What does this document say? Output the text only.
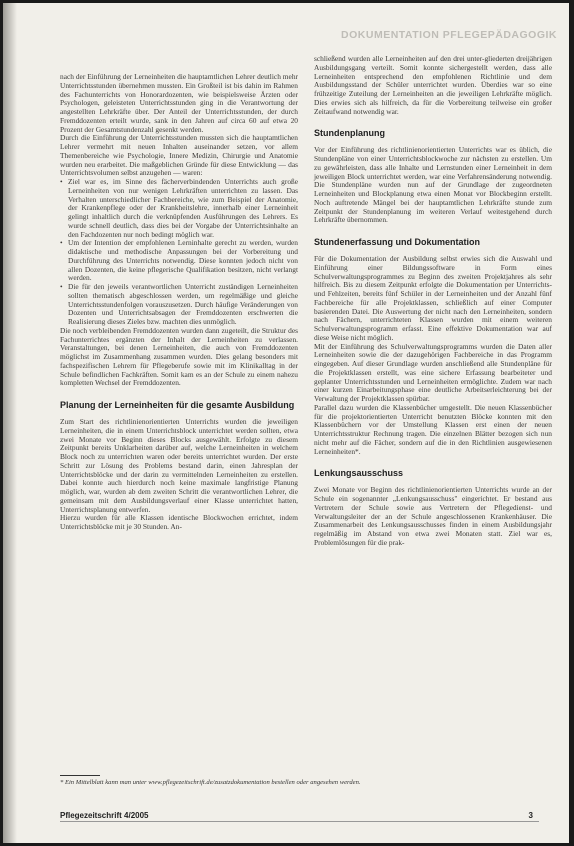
DOKUMENTATION PFLEGEPÄDAGOGIK

nach der Einführung der Lerneinheiten die hauptamtlichen Lehrer deutlich mehr Unterrichtsstunden übernehmen mussten. Ein Großteil ist bis dahin im Rahmen des Fachunterrichts von Honorardozenten, wie beispielsweise Ärzten oder Psychologen, geleisteten Unterrichtsstunden ging in die Verantwortung der angestellten Lehrkräfte über. Der Anteil der Unterrichtsstunden, der durch Fremddozenten erteilt wurde, sank in den Jahren auf circa 60 auf etwa 20 Prozent der Gesamtstundenzahl gesenkt werden.

Durch die Einführung der Unterrichtsstunden mussten sich die hauptamtlichen Lehrer vermehrt mit neuen Inhalten auseinander setzen, vor allem Themenbereiche wie Psychologie, Innere Medizin, Chirurgie und Anatomie wurden neu erarbeitet. Die maßgeblichen Gründe für diese Entwicklung — das Unterrichtsvolumen selbst anzugehen — waren:

• Ziel war es, im Sinne des fächerverbindenden Unterrichts auch große Lerneinheiten von nur wenigen Lehrkräften unterrichten zu lassen. Das Verhalten unterschiedlicher Fachbereiche, wie zum Beispiel der Anatomie, der Krankenpflege oder der Krankheitslehre, innerhalb einer Lerneinheit gelingt inhaltlich durch die verknüpfenden Ausführungen des Lehrers. Es wurde schnell deutlich, dass dies bei der Vorgabe der Unterrichtsinhalte an den Fachdozenten nur noch bedingt möglich war.
• Um der Intention der empfohlenen Lerninhalte gerecht zu werden, wurden didaktische und methodische Anpassungen bei der Vorbereitung und Durchführung des Unterrichts notwendig. Diese konnten jedoch nicht von allen Dozenten, die keine pflegerische Qualifikation besitzen, nicht verlangt werden.
• Die für den jeweils verantwortlichen Unterricht zuständigen Lerneinheiten sollten thematisch abgeschlossen werden, um regelmäßige und gleiche Unterrichtsstundenfolgen vorauszusetzen. Durch häufige Veränderungen von Dozenten und Unterrichtsabsagen der Fremddozenten erschwerten die Realisierung dieses Zieles bzw. machten dies unmöglich.

Die noch verbleibenden Fremddozenten wurden dann zugeteilt, die Struktur des Fachunterrichtes ergänzten der Inhalt der Lerneinheiten zu verlassen. Veranstaltungen, bei denen Lerneinheiten, die auch von Fremddozenten möglichst im Zusammenhang zusammen wurden. Dies gelang besonders mit fachspezifischen Lehrern für Pflegeberufe sowie mit im Klinikalltag in der Schule befindlichen Fachkräften. Somit kam es an der Schule zu einem nahezu kompletten Wechsel der Fremddozenten.

Planung der Lerneinheiten für die gesamte Ausbildung

Zum Start des richtlinienorientierten Unterrichts wurden die jeweiligen Lerneinheiten, die in einem Unterrichtsblock unterrichtet werden sollten, etwa zwei Monate vor Beginn dieses Blocks ausgewählt. Erfolgte zu diesem Zeitpunkt bereits Unklarheiten darüber auf, welche Lerneinheiten in welchem Block noch zu unterrichten waren oder bereits unterrichtet wurden. Der erste Schritt zur Lösung des Problems bestand darin, einen Jahresplan der Unterrichtsblöcke und der darin zu vermittelnden Lerneinheiten zu erstellen. Dabei konnte auch hierdurch noch keine maximale langfristige Planung möglich, war, wurden ab dem zweiten Schritt die verantwortlichen Lehrer, die gemeinsam mit dem Ausbildungsverlauf einer Klasse unterrichtet hatten, Unterrichtsplanung entwerfen.

Hierzu wurden für alle Klassen identische Blockwochen errichtet, indem Unterrichtsblöcke mit je 30 Stunden. An-

schließend wurden alle Lerneinheiten auf den drei unter-gliederten dreijährigen Ausbildungsgang verteilt. Somit konnte sichergestellt werden, dass alle Lerneinheiten entsprechend den empfohlenen Richtlinie und dem Ausbildungsstand der Schüler unterrichtet wurden. Überdies war so eine frühzeitige Zuteilung der Lerneinheiten an die jeweiligen Lehrkräfte möglich. Dies erwies sich als hilfreich, da für die Vorbereitung teilweise ein großer Zeitaufwand notwendig war.

Stundenplanung

Vor der Einführung des richtlinienorientierten Unterrichts war es üblich, die Stundenpläne von einer Unterrichtsblockwoche zur nächsten zu erstellen. Um zu gewährleisten, dass alle Inhalte und Lernstunden einer Lerneinheit in dem jeweiligen Block unterrichtet werden, war eine Verfahrensänderung notwendig. Die Stundenpläne wurden nun auf der Grundlage der zugeordneten Lerneinheiten und Blockplanung etwa einen Monat vor Blockbeginn erstellt. Noch auftretende Mängel bei der hauptamtlichen Lehrkräfte stunde zum Zeitpunkt der Stundenplanung im weiteren Verlauf weitestgehend durch Lehrkräfte übernommen.

Stundenerfassung und Dokumentation

Für die Dokumentation der Ausbildung selbst erwies sich die Auswahl und Einführung einer Bildungssoftware in Form eines Schulverwaltungsprogrammes zu Beginn des zweiten Projektjahres als sehr hilfreich. Bis zu diesem Zeitpunkt erfolgte die Dokumentation per Unterrichts- und Fehlzeiten, bereits fünf Schüler in der Lerneinheiten und der Anzahl fünf Fachbereiche für alle Projektklassen, schließlich auf einer Computer basierenden Datei. Die Auswertung der nicht nach den Lerneinheiten, sondern nach Fächern, unterrichteten Klassen wurden mit einem weiteren Schulverwaltungsprogramm erfasst. Eine effektive Dokumentation war auf diese Weise nicht möglich.

Mit der Einführung des Schulverwaltungsprogramms wurden die Daten aller Lerneinheiten sowie die der dazugehörigen Fachbereiche in das Programm eingegeben. Auf dieser Grundlage wurden anschließend alle Stundenpläne für die Projektklassen erstellt, was eine sichere Erfassung bearbeiteter und geplanter Unterrichtsstunden und Lerneinheiten ermöglichte. Zudem war nach einer kurzen Einarbeitungsphase eine deutliche Arbeitserleichterung bei der Verwaltung der Projektklassen spürbar.

Parallel dazu wurden die Klassenbücher umgestellt. Die neuen Klassenbücher für die projektorientierten Unterricht benutzten Blöcke konnten mit den Klassenbüchern vor der Umstellung Klassen erst einen der neuen Unterrichtsstruktur Rechnung tragen. Die einzelnen Blätter bezogen sich nun nicht mehr auf die Fächer, sondern auf die in den Richtlinien ausgewiesenen Lerneinheiten*.

Lenkungsausschuss

Zwei Monate vor Beginn des richtlinienorientierten Unterrichts wurde an der Schule ein sogenannter „Lenkungsausschuss" eingerichtet. Er bestand aus Vertretern der Schule sowie aus Vertretern der Pflegedienst- und Verwaltungsleiter der an der Schule angeschlossenen Krankenhäuser. Die Zusammenarbeit des Lenkungsausschusses finden in einem Ausbildungsjahr regelmäßig im Abstand von etwa zwei Monaten statt. Ziel war es, Problemlösungen für die prak-

* Ein Mittelblatt kann man unter www.pflegezeitschrift.de/zusatzdokumentation bestellen oder angesehen werden.
Pflegezeitschrift 4/2005	3
